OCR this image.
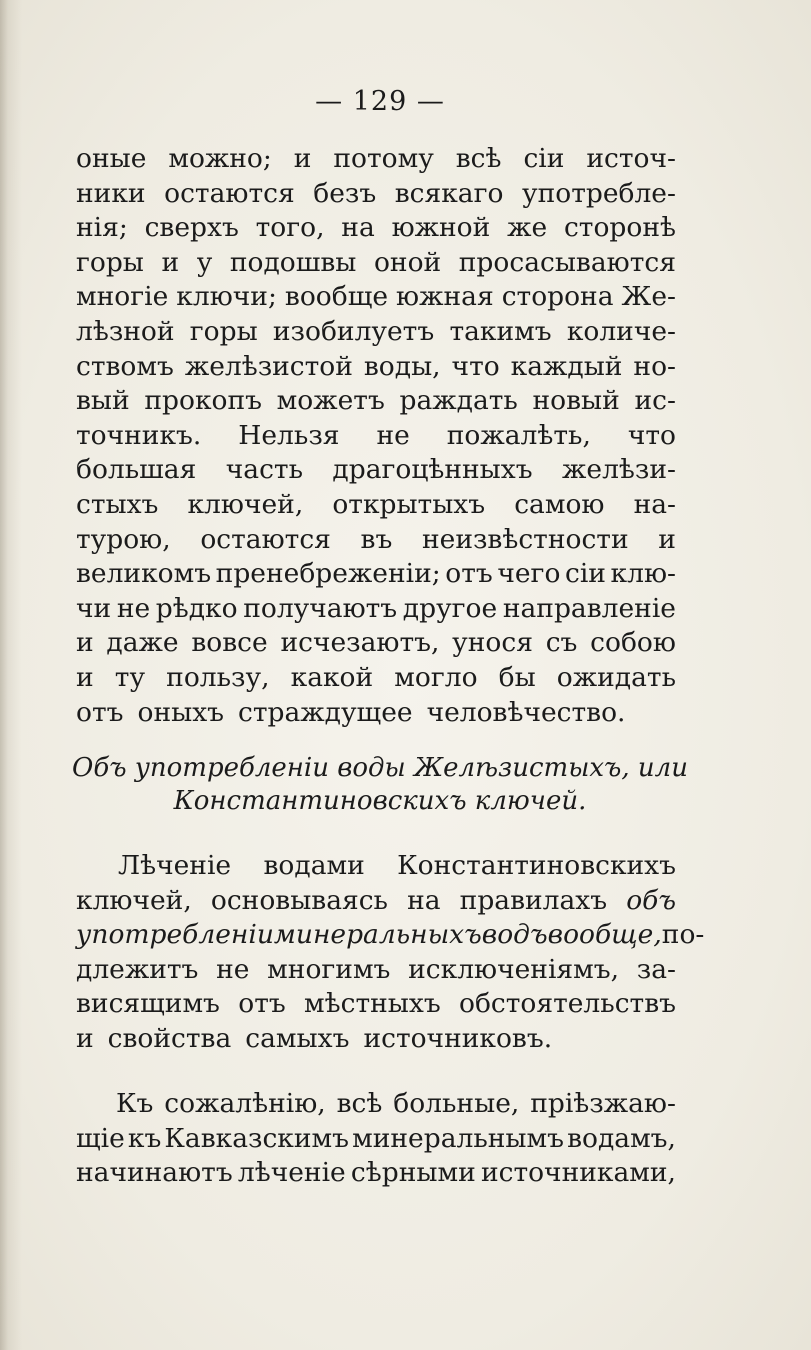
— 129 —
оные можно; и потому всѣ сіи источ-
ники остаются безъ всякаго употребле-
нія; сверхъ того, на южной же сторонѣ
горы и у подошвы оной просасываются
многіе ключи; вообще южная сторона Же-
лѣзной горы изобилуетъ такимъ количе-
ствомъ желѣзистой воды, что каждый но-
вый прокопъ можетъ раждать новый ис-
точникъ. Нельзя не пожалѣть, что
большая часть драгоцѣнныхъ желѣзи-
стыхъ ключей, открытыхъ самою на-
турою, остаются въ неизвѣстности и
великомъ пренебреженіи; отъ чего сіи клю-
чи не рѣдко получаютъ другое направленіе
и даже вовсе исчезаютъ, унося съ собою
и ту пользу, какой могло бы ожидать
отъ оныхъ страждущее человѣчество.
Объ употребленіи воды Желѣзистыхъ, или
Константиновскихъ ключей.
Лѣченіе водами Константиновскихъ
ключей, основываясь на правилахъ объ
употребленіи минеральныхъ водъ вообще, по-
длежитъ не многимъ исключеніямъ, за-
висящимъ отъ мѣстныхъ обстоятельствъ
и свойства самыхъ источниковъ.
Къ сожалѣнію, всѣ больные, пріѣзжаю-
щіе къ Кавказскимъ минеральнымъ водамъ,
начинаютъ лѣченіе сѣрными источниками,
